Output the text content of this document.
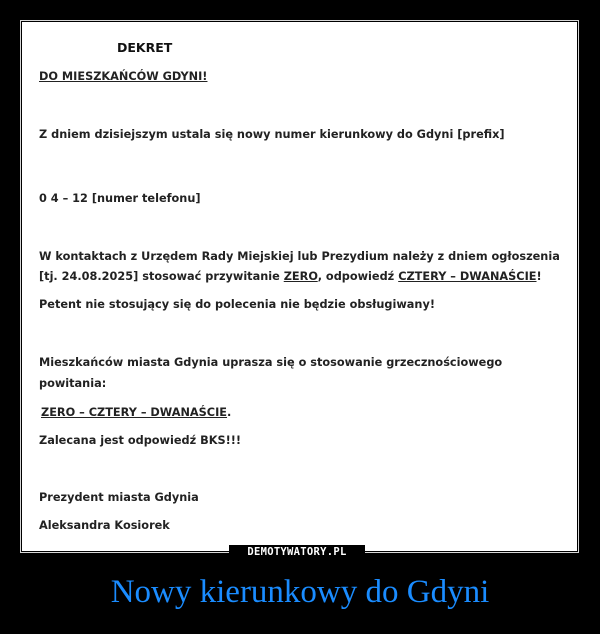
DEKRET
DO MIESZKAŃCÓW GDYNI!
Z dniem dzisiejszym ustala się nowy numer kierunkowy do Gdyni [prefix]
0 4 – 12 [numer telefonu]
W kontaktach z Urzędem Rady Miejskiej lub Prezydium należy z dniem ogłoszenia
[tj. 24.08.2025] stosować przywitanie ZERO, odpowiedź CZTERY – DWANAŚCIE!
Petent nie stosujący się do polecenia nie będzie obsługiwany!
Mieszkańców miasta Gdynia uprasza się o stosowanie grzecznościowego
powitania:
ZERO – CZTERY – DWANAŚCIE.
Zalecana jest odpowiedź BKS!!!
Prezydent miasta Gdynia
Aleksandra Kosiorek
DEMOTYWATORY.PL
Nowy kierunkowy do Gdyni
